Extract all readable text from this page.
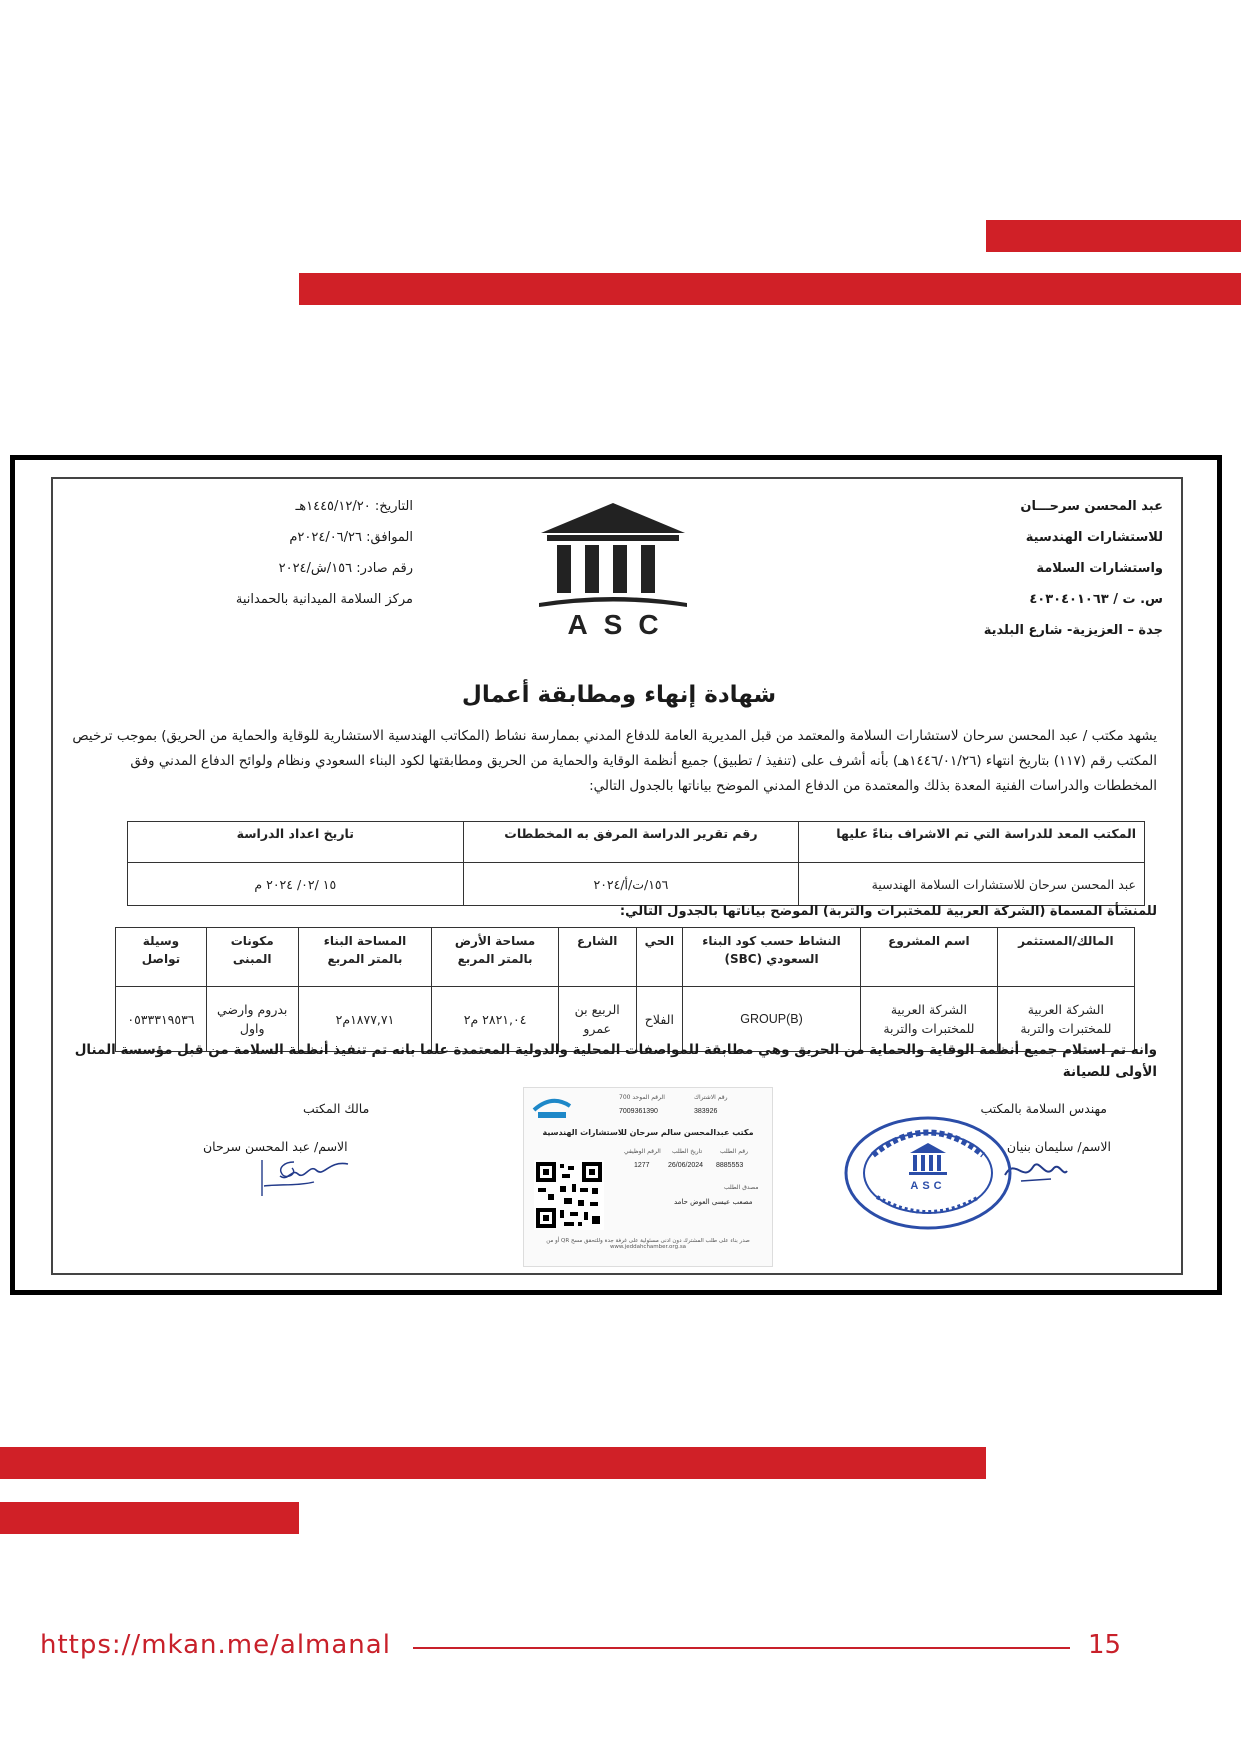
عبد المحسن سرحـــان
للاستشارات الهندسية
واستشارات السلامة
س. ت / ٤٠٣٠٤٠١٠٦٣
جدة – العزيزية- شارع البلدية
ASC
التاريخ: ١٤٤٥/١٢/٢٠هـ
الموافق: ٢٠٢٤/٠٦/٢٦م
رقم صادر: ١٥٦/ش/٢٠٢٤
مركز السلامة الميدانية بالحمدانية
شهادة إنهاء ومطابقة أعمال
يشهد مكتب / عبد المحسن سرحان لاستشارات السلامة والمعتمد من قبل المديرية العامة للدفاع المدني بممارسة نشاط (المكاتب الهندسية الاستشارية للوقاية والحماية من الحريق) بموجب ترخيص المكتب رقم (١١٧) بتاريخ انتهاء (١٤٤٦/٠١/٢٦هـ) بأنه أشرف على (تنفيذ / تطبيق) جميع أنظمة الوقاية والحماية من الحريق ومطابقتها لكود البناء السعودي ونظام ولوائح الدفاع المدني وفق المخططات والدراسات الفنية المعدة بذلك والمعتمدة من الدفاع المدني الموضح بياناتها بالجدول التالي:
المكتب المعد للدراسة التي تم الاشراف بناءً عليها	رقم تقرير الدراسة المرفق به المخططات	تاريخ اعداد الدراسة
عبد المحسن سرحان للاستشارات السلامة الهندسية	١٥٦/ت/أ/٢٠٢٤	١٥ /٠٢/ ٢٠٢٤ م
للمنشأة المسماة (الشركة العربية للمختبرات والتربة) الموضح بياناتها بالجدول التالي:
المالك/المستثمر	اسم المشروع	النشاط حسب كود البناء السعودي (SBC)	الحي	الشارع	مساحة الأرض بالمتر المربع	المساحة البناء بالمتر المربع	مكونات المبنى	وسيلة تواصل
الشركة العربية للمختبرات والتربة	الشركة العربية للمختبرات والتربة	GROUP(B)	الفلاح	الربيع بن عمرو	٢٨٢١,٠٤ م٢	١٨٧٧,٧١م٢	بدروم وارضي واول	٠٥٣٣٣١٩٥٣٦
وانه تم استلام جميع أنظمة الوقاية والحماية من الحريق وهي مطابقة للمواصفات المحلية والدولية المعتمدة علما بانه تم تنفيذ أنظمة السلامة من قبل مؤسسة المنال الأولى للصيانة
مهندس السلامة بالمكتب
الاسم/ سليمان بنيان
مالك المكتب
الاسم/ عبد المحسن سرحان
ASC
رقم الاشتراك
383926
الرقم الموحد 700
7009361390
مكتب عبدالمحسن سالم سرحان للاستشارات الهندسية
رقم الطلب
8885553
تاريخ الطلب
26/06/2024
الرقم الوظيفي
1277
مصدق الطلب
مصعب عيسى العوض حامد
صدر بناء على طلب المشترك دون ادنى مسئولية على غرفة جدة وللتحقق مسح QR أو من www.jeddahchamber.org.sa
https://mkan.me/almanal	15
